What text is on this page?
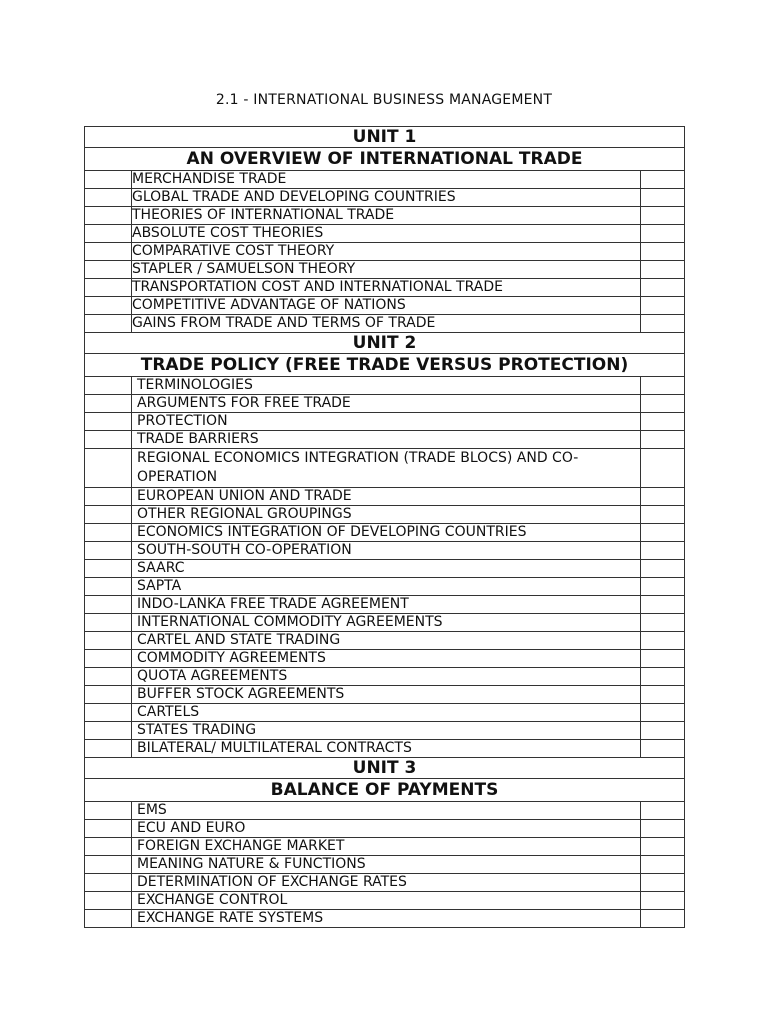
2.1 - INTERNATIONAL BUSINESS MANAGEMENT
UNIT 1		
AN OVERVIEW OF INTERNATIONAL TRADE		
	MERCHANDISE TRADE	
	GLOBAL TRADE AND DEVELOPING COUNTRIES	
	THEORIES OF INTERNATIONAL TRADE	
	ABSOLUTE COST THEORIES	
	COMPARATIVE COST THEORY	
	STAPLER / SAMUELSON THEORY	
	TRANSPORTATION COST AND INTERNATIONAL TRADE	
	COMPETITIVE ADVANTAGE OF NATIONS	
	GAINS FROM TRADE AND TERMS OF TRADE	
UNIT 2		
TRADE POLICY (FREE TRADE VERSUS PROTECTION)		
	TERMINOLOGIES	
	ARGUMENTS FOR FREE TRADE	
	PROTECTION	
	TRADE BARRIERS	
	REGIONAL ECONOMICS INTEGRATION (TRADE BLOCS) AND CO-OPERATION	
	EUROPEAN UNION AND TRADE	
	OTHER REGIONAL GROUPINGS	
	ECONOMICS INTEGRATION OF DEVELOPING COUNTRIES	
	SOUTH-SOUTH CO-OPERATION	
	SAARC	
	SAPTA	
	INDO-LANKA FREE TRADE AGREEMENT	
	INTERNATIONAL COMMODITY AGREEMENTS	
	CARTEL AND STATE TRADING	
	COMMODITY AGREEMENTS	
	QUOTA AGREEMENTS	
	BUFFER STOCK AGREEMENTS	
	CARTELS	
	STATES TRADING	
	BILATERAL/ MULTILATERAL CONTRACTS	
UNIT 3		
BALANCE OF PAYMENTS		
	EMS	
	ECU AND EURO	
	FOREIGN EXCHANGE MARKET	
	MEANING NATURE & FUNCTIONS	
	DETERMINATION OF EXCHANGE RATES	
	EXCHANGE CONTROL	
	EXCHANGE RATE SYSTEMS	
